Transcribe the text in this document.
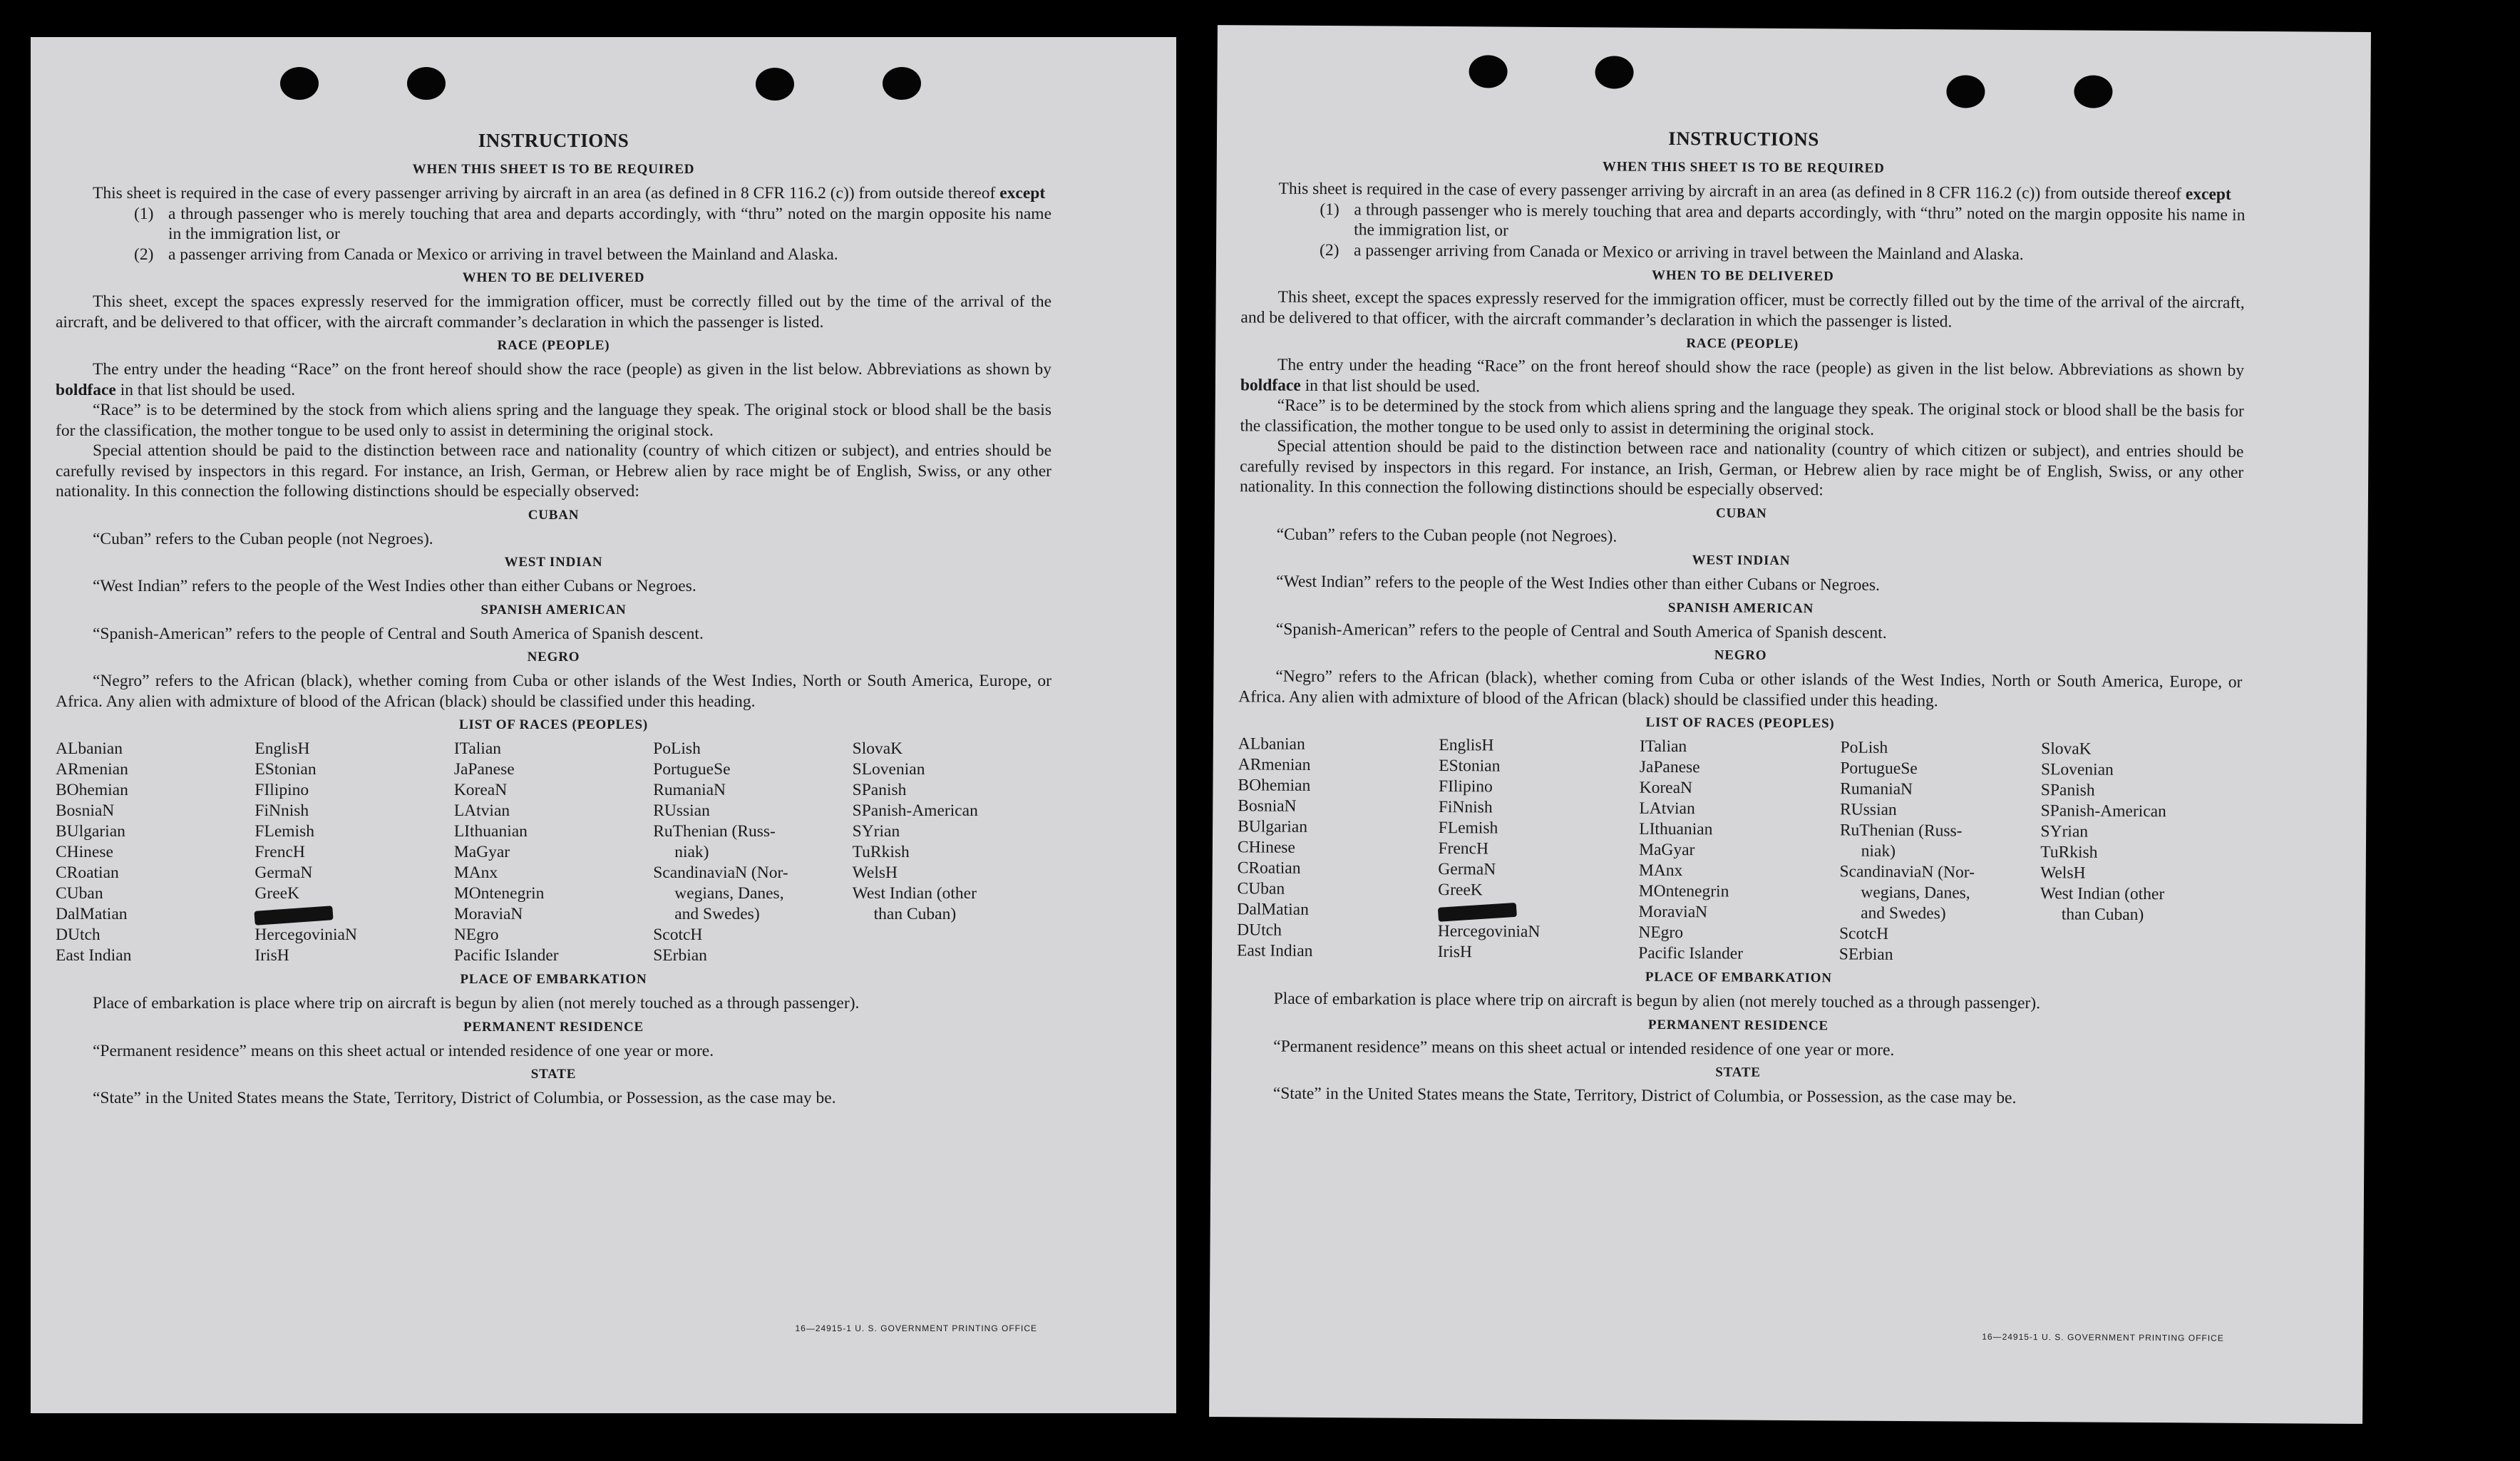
INSTRUCTIONS
WHEN THIS SHEET IS TO BE REQUIRED

This sheet is required in the case of every passenger arriving by aircraft in an area (as defined in 8 CFR 116.2 (c)) from outside thereof except

(1) a through passenger who is merely touching that area and departs accordingly, with “thru” noted on the margin opposite his name in the immigration list, or
(2) a passenger arriving from Canada or Mexico or arriving in travel between the Mainland and Alaska.
WHEN TO BE DELIVERED

This sheet, except the spaces expressly reserved for the immigration officer, must be correctly filled out by the time of the arrival of the aircraft, and be delivered to that officer, with the aircraft commander’s declaration in which the passenger is listed.

RACE (PEOPLE)

The entry under the heading “Race” on the front hereof should show the race (people) as given in the list below. Abbreviations as shown by boldface in that list should be used.

“Race” is to be determined by the stock from which aliens spring and the language they speak. The original stock or blood shall be the basis for the classification, the mother tongue to be used only to assist in determining the original stock.

Special attention should be paid to the distinction between race and nationality (country of which citizen or subject), and entries should be carefully revised by inspectors in this regard. For instance, an Irish, German, or Hebrew alien by race might be of English, Swiss, or any other nationality. In this connection the following distinctions should be especially observed:

CUBAN

“Cuban” refers to the Cuban people (not Negroes).

WEST INDIAN

“West Indian” refers to the people of the West Indies other than either Cubans or Negroes.

SPANISH AMERICAN

“Spanish-American” refers to the people of Central and South America of Spanish descent.

NEGRO

“Negro” refers to the African (black), whether coming from Cuba or other islands of the West Indies, North or South America, Europe, or Africa. Any alien with admixture of blood of the African (black) should be classified under this heading.

LIST OF RACES (PEOPLES)
ALbanian
ARmenian
BOhemian
BosniaN
BUlgarian
CHinese
CRoatian
CUban
DalMatian
DUtch
East Indian
EnglisH
EStonian
FIlipino
FiNnish
FLemish
FrencH
GermaN
GreeK
HercegoviniaN
IrisH
ITalian
JaPanese
KoreaN
LAtvian
LIthuanian
MaGyar
MAnx
MOntenegrin
MoraviaN
NEgro
Pacific Islander
PoLish
PortugueSe
RumaniaN
RUssian
RuThenian (Russ-
niak)
ScandinaviaN (Nor-
wegians, Danes,
and Swedes)
ScotcH
SErbian
SlovaK
SLovenian
SPanish
SPanish-American
SYrian
TuRkish
WelsH
West Indian (other
than Cuban)
PLACE OF EMBARKATION

Place of embarkation is place where trip on aircraft is begun by alien (not merely touched as a through passenger).

PERMANENT RESIDENCE

“Permanent residence” means on this sheet actual or intended residence of one year or more.

STATE

“State” in the United States means the State, Territory, District of Columbia, or Possession, as the case may be.

16—24915-1 U. S. GOVERNMENT PRINTING OFFICE
INSTRUCTIONS
WHEN THIS SHEET IS TO BE REQUIRED

This sheet is required in the case of every passenger arriving by aircraft in an area (as defined in 8 CFR 116.2 (c)) from outside thereof except

(1) a through passenger who is merely touching that area and departs accordingly, with “thru” noted on the margin opposite his name in the immigration list, or
(2) a passenger arriving from Canada or Mexico or arriving in travel between the Mainland and Alaska.
WHEN TO BE DELIVERED

This sheet, except the spaces expressly reserved for the immigration officer, must be correctly filled out by the time of the arrival of the aircraft, and be delivered to that officer, with the aircraft commander’s declaration in which the passenger is listed.

RACE (PEOPLE)

The entry under the heading “Race” on the front hereof should show the race (people) as given in the list below. Abbreviations as shown by boldface in that list should be used.

“Race” is to be determined by the stock from which aliens spring and the language they speak. The original stock or blood shall be the basis for the classification, the mother tongue to be used only to assist in determining the original stock.

Special attention should be paid to the distinction between race and nationality (country of which citizen or subject), and entries should be carefully revised by inspectors in this regard. For instance, an Irish, German, or Hebrew alien by race might be of English, Swiss, or any other nationality. In this connection the following distinctions should be especially observed:

CUBAN

“Cuban” refers to the Cuban people (not Negroes).

WEST INDIAN

“West Indian” refers to the people of the West Indies other than either Cubans or Negroes.

SPANISH AMERICAN

“Spanish-American” refers to the people of Central and South America of Spanish descent.

NEGRO

“Negro” refers to the African (black), whether coming from Cuba or other islands of the West Indies, North or South America, Europe, or Africa. Any alien with admixture of blood of the African (black) should be classified under this heading.

LIST OF RACES (PEOPLES)
ALbanian
ARmenian
BOhemian
BosniaN
BUlgarian
CHinese
CRoatian
CUban
DalMatian
DUtch
East Indian
EnglisH
EStonian
FIlipino
FiNnish
FLemish
FrencH
GermaN
GreeK
HercegoviniaN
IrisH
ITalian
JaPanese
KoreaN
LAtvian
LIthuanian
MaGyar
MAnx
MOntenegrin
MoraviaN
NEgro
Pacific Islander
PoLish
PortugueSe
RumaniaN
RUssian
RuThenian (Russ-
niak)
ScandinaviaN (Nor-
wegians, Danes,
and Swedes)
ScotcH
SErbian
SlovaK
SLovenian
SPanish
SPanish-American
SYrian
TuRkish
WelsH
West Indian (other
than Cuban)
PLACE OF EMBARKATION

Place of embarkation is place where trip on aircraft is begun by alien (not merely touched as a through passenger).

PERMANENT RESIDENCE

“Permanent residence” means on this sheet actual or intended residence of one year or more.

STATE

“State” in the United States means the State, Territory, District of Columbia, or Possession, as the case may be.

16—24915-1 U. S. GOVERNMENT PRINTING OFFICE
